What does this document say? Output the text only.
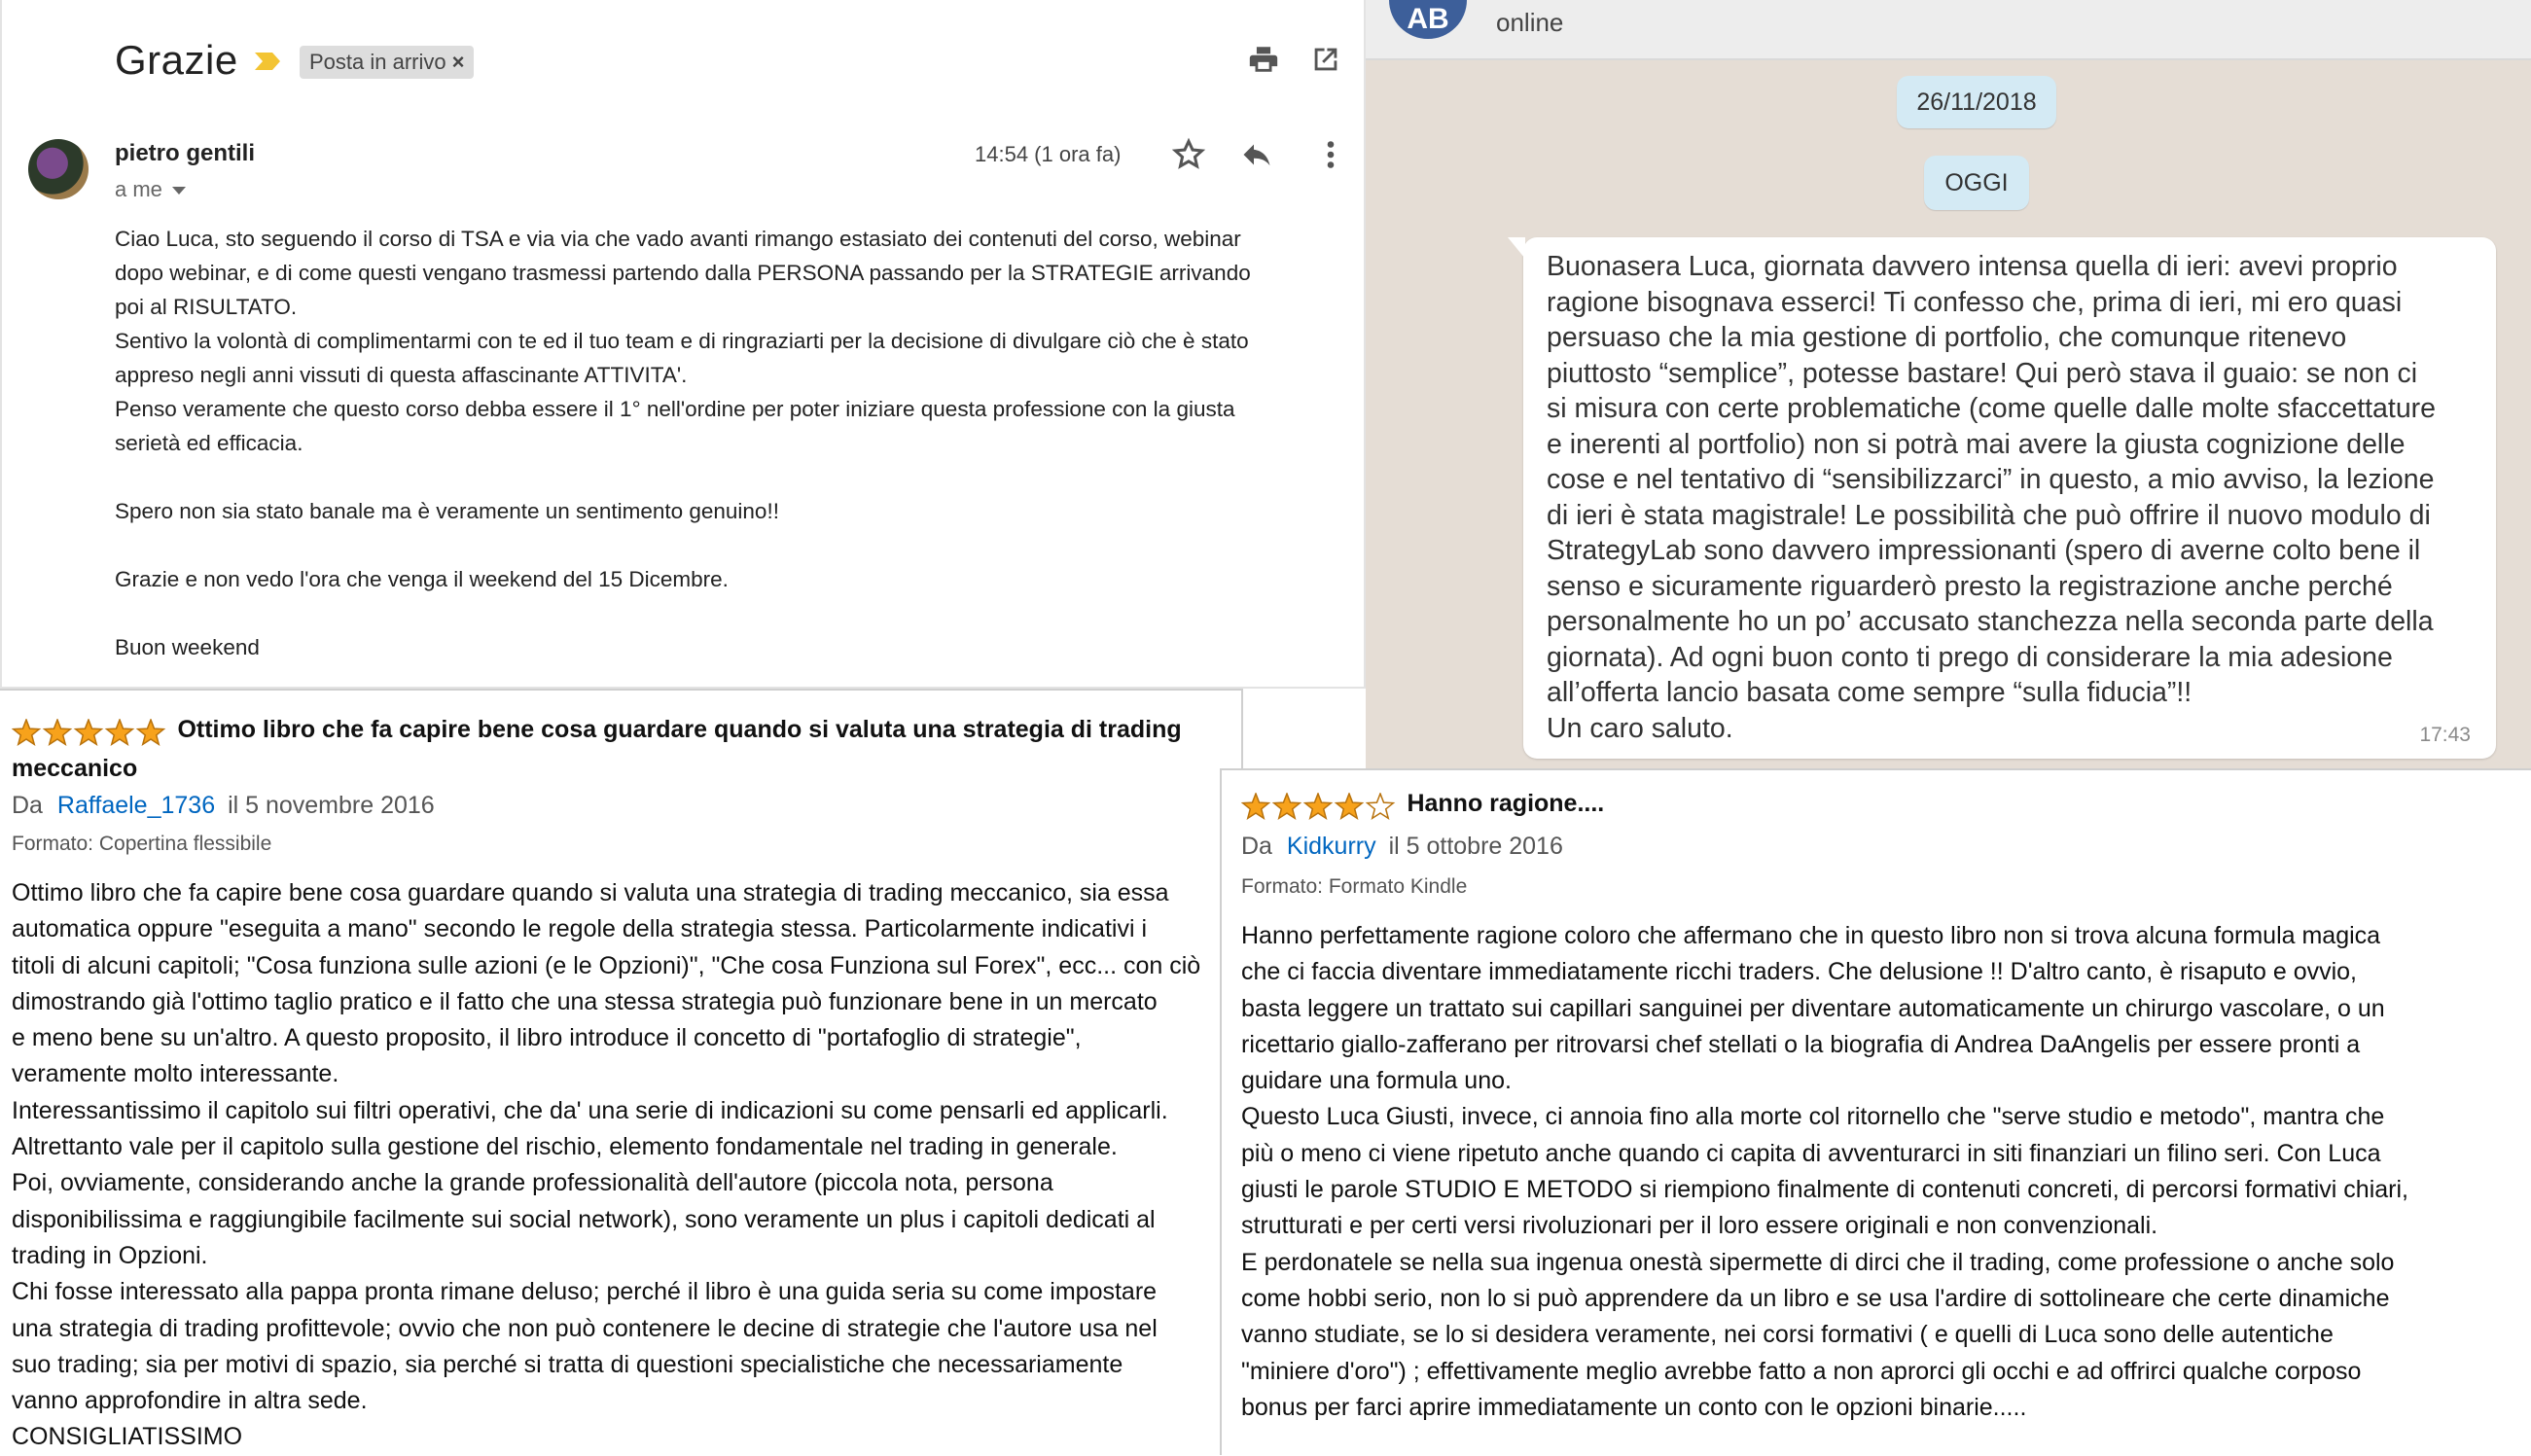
Grazie	Posta in arrivo ×
pietro gentili
a me
14:54 (1 ora fa)

Ciao Luca, sto seguendo il corso di TSA e via via che vado avanti rimango estasiato dei contenuti del corso, webinar

dopo webinar, e di come questi vengano trasmessi partendo dalla PERSONA passando per la STRATEGIE arrivando

poi al RISULTATO.

Sentivo la volontà di complimentarmi con te ed il tuo team e di ringraziarti per la decisione di divulgare ciò che è stato

appreso negli anni vissuti di questa affascinante ATTIVITA'.

Penso veramente che questo corso debba essere il 1° nell'ordine per poter iniziare questa professione con la giusta

serietà ed efficacia.

Spero non sia stato banale ma è veramente un sentimento genuino!!

Grazie e non vedo l'ora che venga il weekend del 15 Dicembre.

Buon weekend

AB	online
26/11/2018
OGGI
Buonasera Luca, giornata davvero intensa quella di ieri: avevi proprio
ragione bisognava esserci! Ti confesso che, prima di ieri, mi ero quasi
persuaso che la mia gestione di portfolio, che comunque ritenevo
piuttosto “semplice”, potesse bastare! Qui però stava il guaio: se non ci
si misura con certe problematiche (come quelle dalle molte sfaccettature
e inerenti al portfolio) non si potrà mai avere la giusta cognizione delle
cose e nel tentativo di “sensibilizzarci” in questo, a mio avviso, la lezione
di ieri è stata magistrale! Le possibilità che può offrire il nuovo modulo di
StrategyLab sono davvero impressionanti (spero di averne colto bene il
senso e sicuramente riguarderò presto la registrazione anche perché
personalmente ho un po’ accusato stanchezza nella seconda parte della
giornata). Ad ogni buon conto ti prego di considerare la mia adesione
all’offerta lancio basata come sempre “sulla fiducia”!!
Un caro saluto.	17:43
Ottimo libro che fa capire bene cosa guardare quando si valuta una strategia di trading
meccanico
Da Raffaele_1736 il 5 novembre 2016
Formato: Copertina flessibile
Ottimo libro che fa capire bene cosa guardare quando si valuta una strategia di trading meccanico, sia essa
automatica oppure "eseguita a mano" secondo le regole della strategia stessa. Particolarmente indicativi i
titoli di alcuni capitoli; "Cosa funziona sulle azioni (e le Opzioni)", "Che cosa Funziona sul Forex", ecc... con ciò
dimostrando già l'ottimo taglio pratico e il fatto che una stessa strategia può funzionare bene in un mercato
e meno bene su un'altro. A questo proposito, il libro introduce il concetto di "portafoglio di strategie",
veramente molto interessante.
Interessantissimo il capitolo sui filtri operativi, che da' una serie di indicazioni su come pensarli ed applicarli.
Altrettanto vale per il capitolo sulla gestione del rischio, elemento fondamentale nel trading in generale.
Poi, ovviamente, considerando anche la grande professionalità dell'autore (piccola nota, persona
disponibilissima e raggiungibile facilmente sui social network), sono veramente un plus i capitoli dedicati al
trading in Opzioni.
Chi fosse interessato alla pappa pronta rimane deluso; perché il libro è una guida seria su come impostare
una strategia di trading profittevole; ovvio che non può contenere le decine di strategie che l'autore usa nel
suo trading; sia per motivi di spazio, sia perché si tratta di questioni specialistiche che necessariamente
vanno approfondire in altra sede.
CONSIGLIATISSIMO
Hanno ragione....
Da Kidkurry il 5 ottobre 2016
Formato: Formato Kindle
Hanno perfettamente ragione coloro che affermano che in questo libro non si trova alcuna formula magica
che ci faccia diventare immediatamente ricchi traders. Che delusione !! D'altro canto, è risaputo e ovvio,
basta leggere un trattato sui capillari sanguinei per diventare automaticamente un chirurgo vascolare, o un
ricettario giallo-zafferano per ritrovarsi chef stellati o la biografia di Andrea DaAngelis per essere pronti a
guidare una formula uno.
Questo Luca Giusti, invece, ci annoia fino alla morte col ritornello che "serve studio e metodo", mantra che
più o meno ci viene ripetuto anche quando ci capita di avventurarci in siti finanziari un filino seri. Con Luca
giusti le parole STUDIO E METODO si riempiono finalmente di contenuti concreti, di percorsi formativi chiari,
strutturati e per certi versi rivoluzionari per il loro essere originali e non convenzionali.
E perdonatele se nella sua ingenua onestà sipermette di dirci che il trading, come professione o anche solo
come hobbi serio, non lo si può apprendere da un libro e se usa l'ardire di sottolineare che certe dinamiche
vanno studiate, se lo si desidera veramente, nei corsi formativi ( e quelli di Luca sono delle autentiche
"miniere d'oro") ; effettivamente meglio avrebbe fatto a non aprorci gli occhi e ad offrirci qualche corposo
bonus per farci aprire immediatamente un conto con le opzioni binarie.....
